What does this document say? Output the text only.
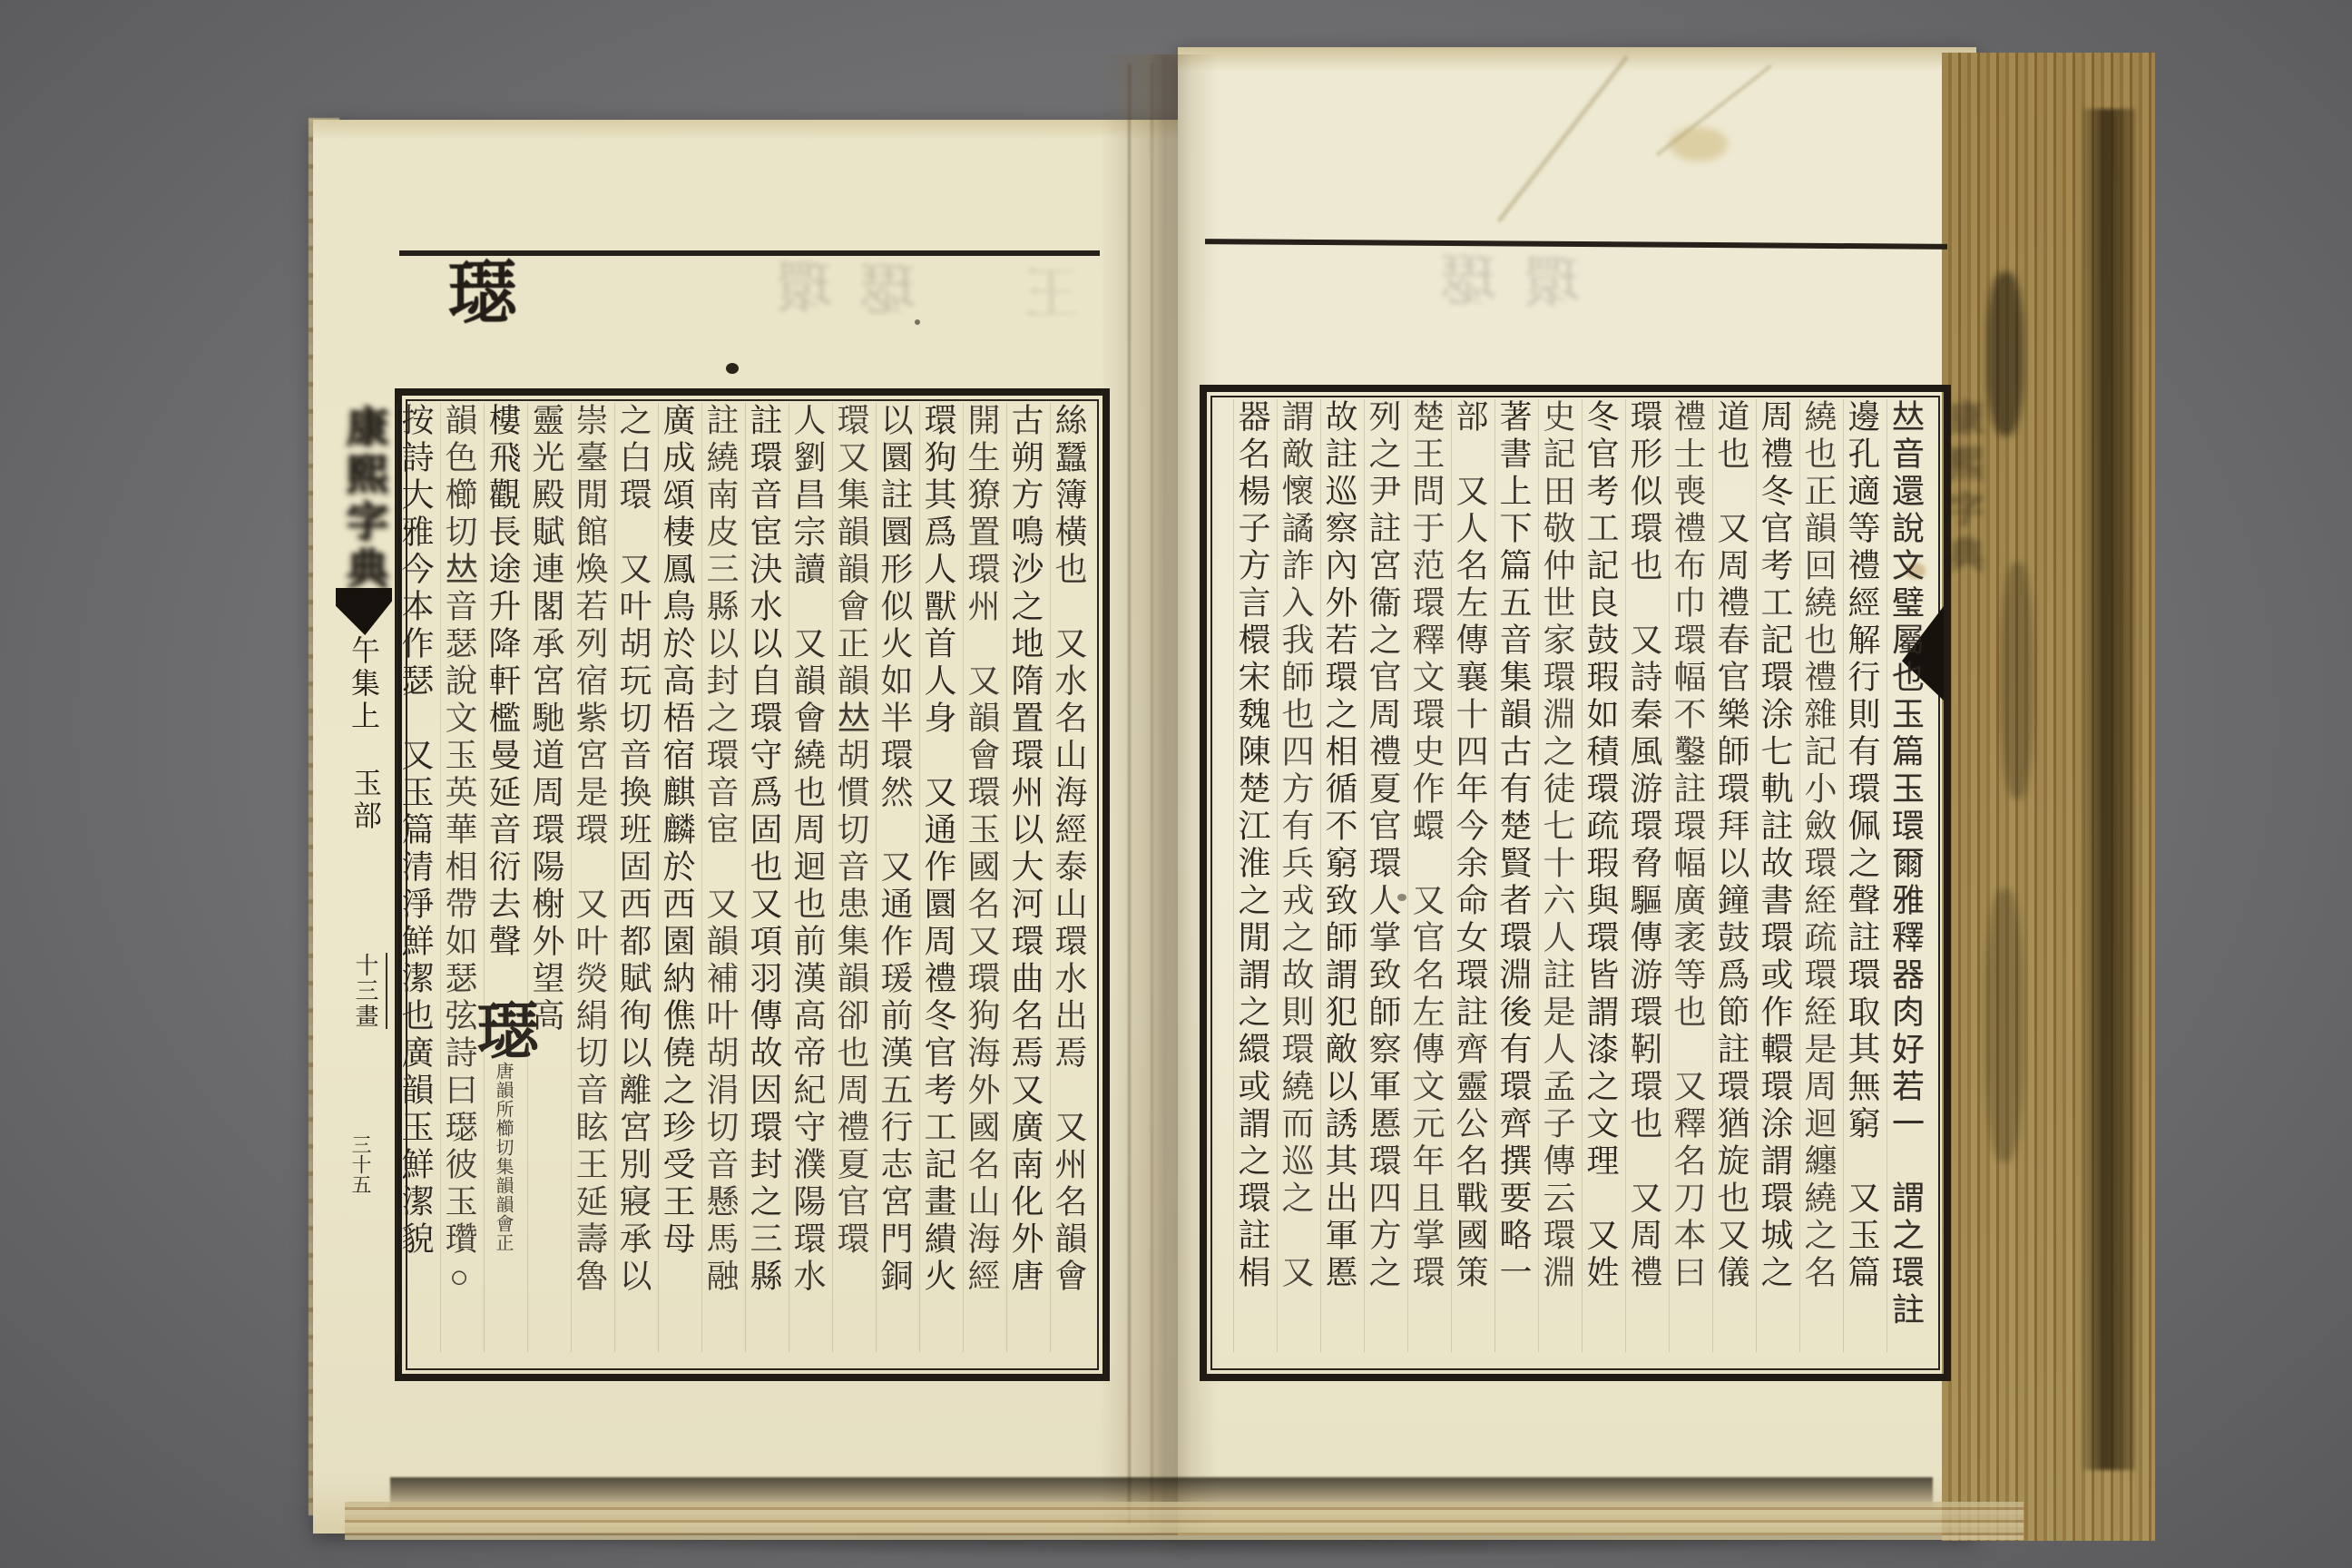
璱	環 璱 王	璱 環
康熙字典
午集上
玉部
十三畫
三十五
康熙字典
絲蠶簿橫也　又水名山海經泰山環水出焉　又州名韻會
古朔方鳴沙之地隋置環州以大河環曲名焉又廣南化外唐
開生獠置環州　又韻會環玉國名又環狗海外國名山海經
環狗其爲人獸首人身　又通作圜周禮冬官考工記畫繢火
以圜註圜形似火如半環然　又通作瑗前漢五行志宮門銅
環又集韻韻會正韻𠀤胡慣切音患集韻卻也周禮夏官環
人劉昌宗讀　又韻會繞也周迴也前漢高帝紀守濮陽環水
註環音宦決水以自環守爲固也又項羽傳故因環封之三縣
註繞南皮三縣以封之環音宦　又韻補叶胡涓切音懸馬融
廣成頌棲鳳鳥於高梧宿麒麟於西園納僬僥之珍受王母
之白環　又叶胡玩切音換班固西都賦徇以離宮別寢承以
崇臺閒館煥若列宿紫宮是環　又叶熒絹切音眩王延壽魯
靈光殿賦連閣承宮馳道周環陽榭外望高
樓飛觀長途升降軒檻曼延音衍去聲　璱唐韻所櫛切集韻韻會正
韻色櫛切𠀤音瑟說文玉英華相帶如瑟弦詩曰璱彼玉瓚○
按詩大雅今本作瑟　又玉篇清淨鮮潔也廣韻玉鮮潔貌	𠀤音還說文璧屬也玉篇玉環爾雅釋器肉好若一　謂之環註
邊孔適等禮經解行則有環佩之聲註環取其無窮　又玉篇
繞也正韻回繞也禮雜記小斂環絰疏環絰是周迴纏繞之名
周禮冬官考工記環涂七軌註故書環或作轘環涂謂環城之
道也　又周禮春官樂師環拜以鐘鼓爲節註環猶旋也又儀
禮士喪禮布巾環幅不鑿註環幅廣袤等也　又釋名刀本曰
環形似環也　又詩秦風游環脅驅傳游環靷環也　又周禮
冬官考工記良鼓瑕如積環疏瑕與環皆謂漆之文理　又姓
史記田敬仲世家環淵之徒七十六人註是人孟子傳云環淵
著書上下篇五音集韻古有楚賢者環淵後有環齊撰要略一
部　又人名左傳襄十四年今余命女環註齊靈公名戰國策
楚王問于范環釋文環史作蠉　又官名左傳文元年且掌環
列之尹註宮衞之官周禮夏官環人掌致師察軍慝環四方之
故註巡察內外若環之相循不窮致師謂犯敵以誘其出軍慝
謂敵懷譎詐入我師也四方有兵戎之故則環繞而巡之　又
器名楊子方言檈宋魏陳楚江淮之閒謂之繯或謂之環註梋
